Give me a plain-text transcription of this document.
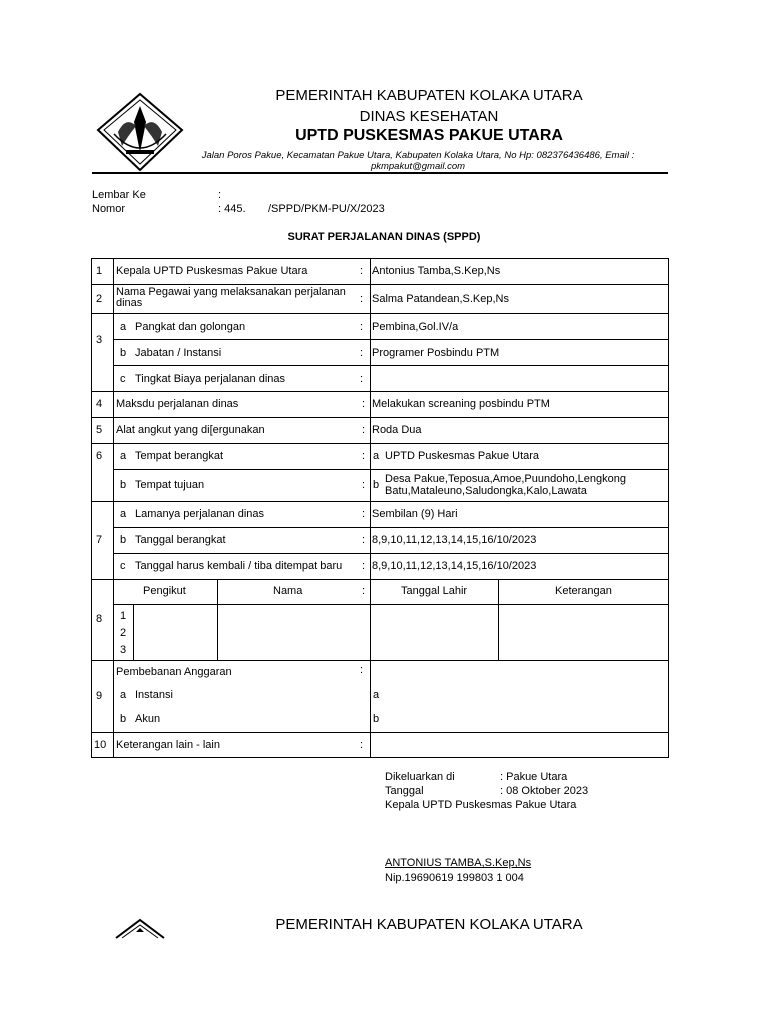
PEMERINTAH KABUPATEN KOLAKA UTARA
DINAS KESEHATAN
UPTD PUSKESMAS PAKUE UTARA
Jalan Poros Pakue, Kecamatan Pakue Utara, Kabupaten Kolaka Utara, No Hp: 082376436486, Email :
pkmpakut@gmail.com
Lembar Ke	:
Nomor	: 445. /SPPD/PKM-PU/X/2023
SURAT PERJALANAN DINAS (SPPD)
1 Kepala UPTD Puskesmas Pakue Utara	: Antonius Tamba,S.Kep,Ns
2
Nama Pegawai yang melaksanakan perjalanan
dinas	: Salma Patandean,S.Kep,Ns
3
a Pangkat dan golongan	: Pembina,Gol.IV/a
b Jabatan / Instansi	: Programer Posbindu PTM
c Tingkat Biaya perjalanan dinas	:
4 Maksdu perjalanan dinas	: Melakukan screaning posbindu PTM
5 Alat angkut yang di[ergunakan	: Roda Dua
6 a Tempat berangkat	: a UPTD Puskesmas Pakue Utara
b Tempat tujuan	: b Desa Pakue,Teposua,Amoe,Puundoho,Lengkong
Batu,Mataleuno,Saludongka,Kalo,Lawata
7
a Lamanya perjalanan dinas	: Sembilan (9) Hari
b Tanggal berangkat	: 8,9,10,11,12,13,14,15,16/10/2023
c Tanggal harus kembali / tiba ditempat baru : 8,9,10,11,12,13,14,15,16/10/2023
8
Pengikut	Nama	:	Tanggal Lahir	Keterangan
1
2
3
9
Pembebanan Anggaran	:
a Instansi	a
b Akun	b
10 Keterangan lain - lain	:
Dikeluarkan di	: Pakue Utara
Tanggal	: 08 Oktober 2023
Kepala UPTD Puskesmas Pakue Utara
ANTONIUS TAMBA,S.Kep,Ns
Nip.19690619 199803 1 004
PEMERINTAH KABUPATEN KOLAKA UTARA
